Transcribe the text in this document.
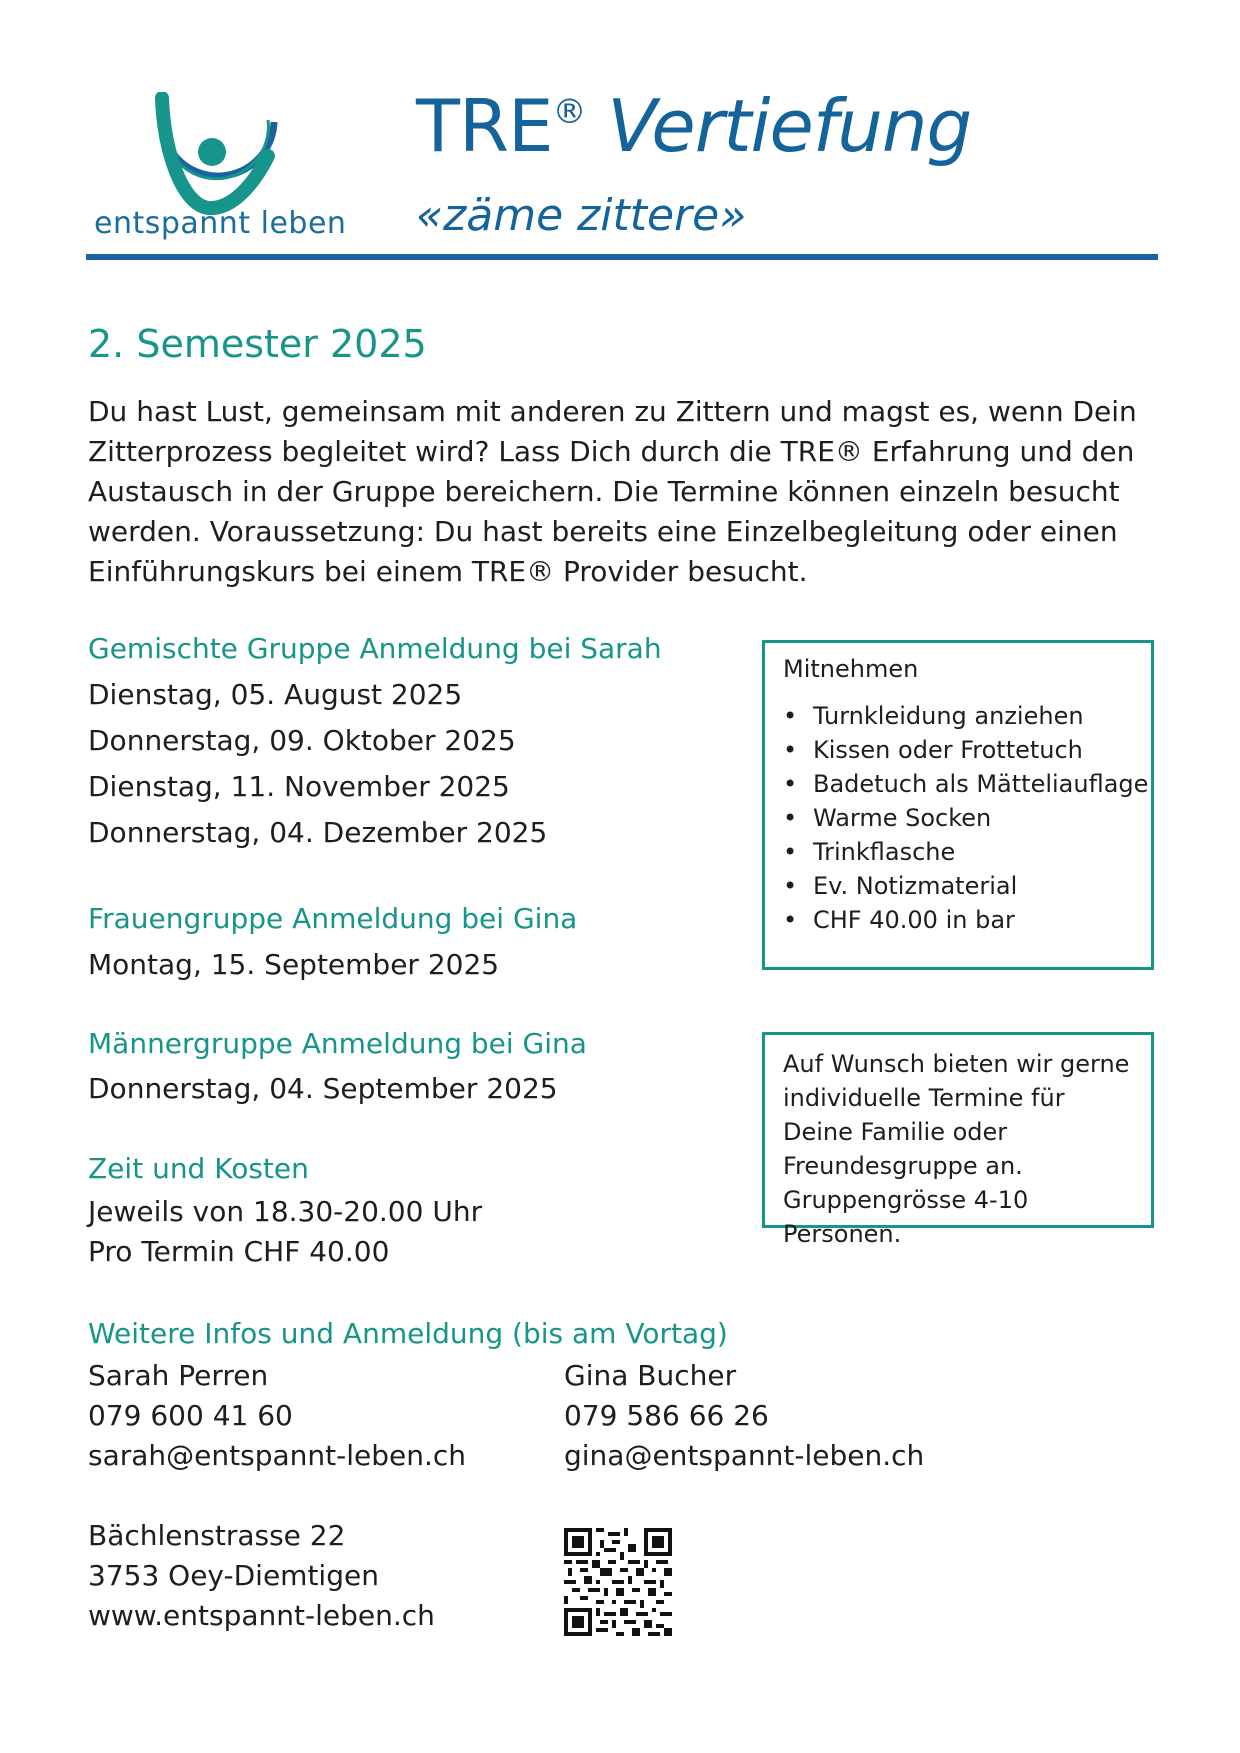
entspannt leben
TRE® Vertiefung
«zäme zittere»
2. Semester 2025
Du hast Lust, gemeinsam mit anderen zu Zittern und magst es, wenn Dein Zitterprozess begleitet wird? Lass Dich durch die TRE® Erfahrung und den Austausch in der Gruppe bereichern. Die Termine können einzeln besucht werden. Voraussetzung: Du hast bereits eine Einzelbegleitung oder einen Einführungskurs bei einem TRE® Provider besucht.
Gemischte Gruppe Anmeldung bei Sarah
Dienstag, 05. August 2025
Donnerstag, 09. Oktober 2025
Dienstag, 11. November 2025
Donnerstag, 04. Dezember 2025
Frauengruppe Anmeldung bei Gina
Montag, 15. September 2025
Männergruppe Anmeldung bei Gina
Donnerstag, 04. September 2025
Zeit und Kosten
Jeweils von 18.30-20.00 Uhr
Pro Termin CHF 40.00
Mitnehmen
• Turnkleidung anziehen
• Kissen oder Frottetuch
• Badetuch als Mätteliauflage
• Warme Socken
• Trinkflasche
• Ev. Notizmaterial
• CHF 40.00 in bar
Auf Wunsch bieten wir gerne individuelle Termine für Deine Familie oder Freundesgruppe an. Gruppengrösse 4-10 Personen.
Weitere Infos und Anmeldung (bis am Vortag)
Sarah Perren
079 600 41 60
sarah@entspannt-leben.ch
Gina Bucher
079 586 66 26
gina@entspannt-leben.ch
Bächlenstrasse 22
3753 Oey-Diemtigen
www.entspannt-leben.ch
